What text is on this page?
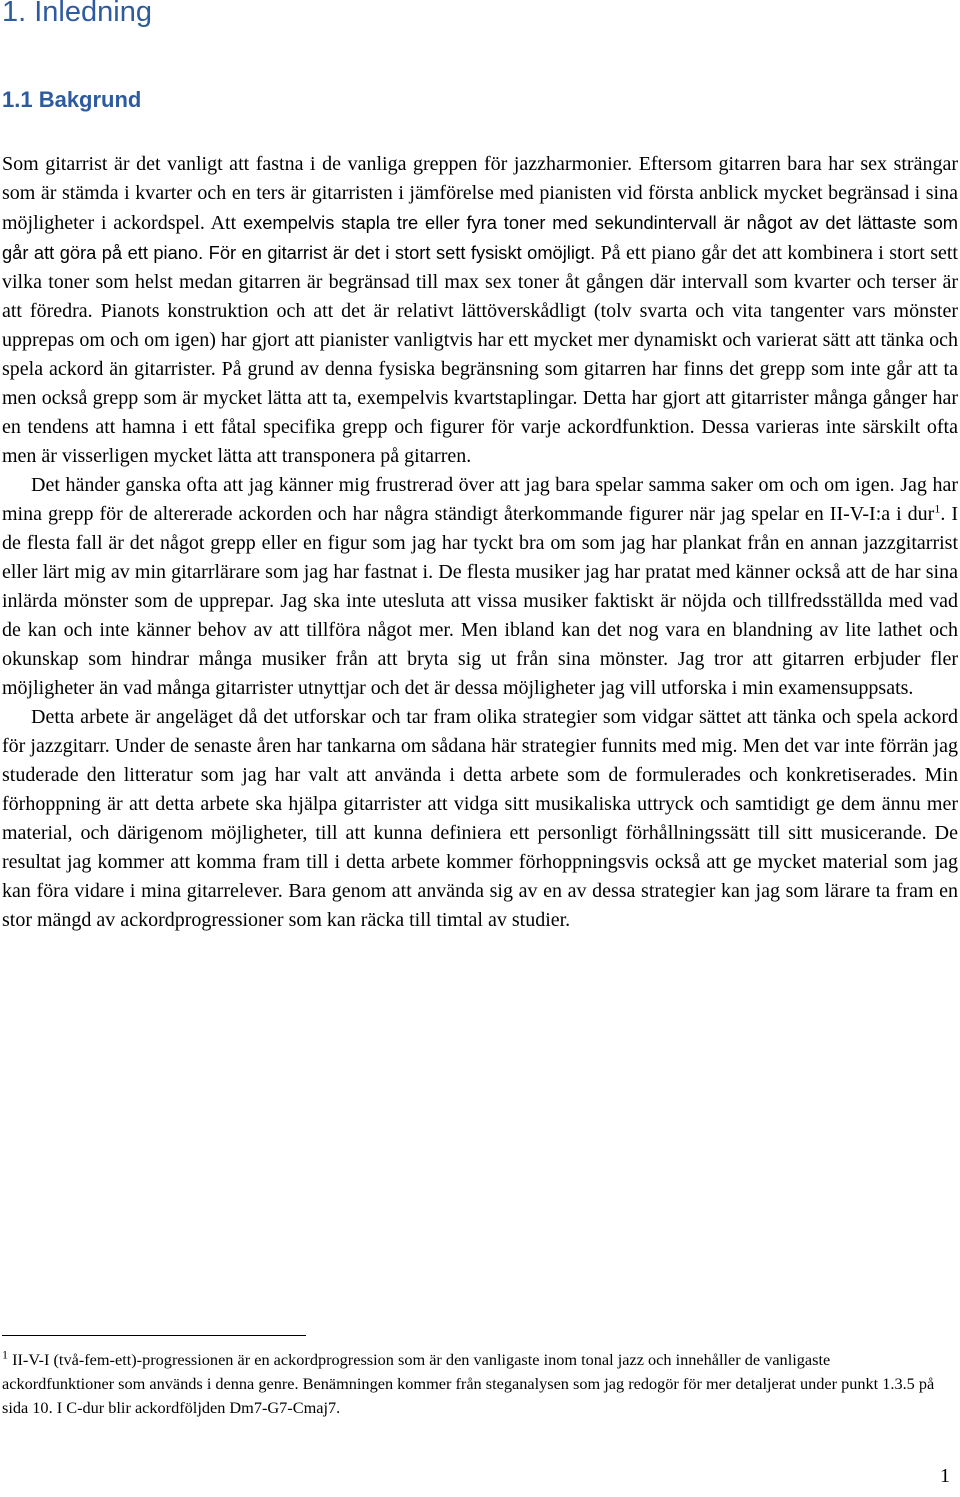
1. Inledning
1.1 Bakgrund

Som gitarrist är det vanligt att fastna i de vanliga greppen för jazzharmonier. Eftersom gitarren bara har sex strängar som är stämda i kvarter och en ters är gitarristen i jämförelse med pianisten vid första anblick mycket begränsad i sina möjligheter i ackordspel. Att exempelvis stapla tre eller fyra toner med sekundintervall är något av det lättaste som går att göra på ett piano. För en gitarrist är det i stort sett fysiskt omöjligt. På ett piano går det att kombinera i stort sett vilka toner som helst medan gitarren är begränsad till max sex toner åt gången där intervall som kvarter och terser är att föredra. Pianots konstruktion och att det är relativt lättöverskådligt (tolv svarta och vita tangenter vars mönster upprepas om och om igen) har gjort att pianister vanligtvis har ett mycket mer dynamiskt och varierat sätt att tänka och spela ackord än gitarrister. På grund av denna fysiska begränsning som gitarren har finns det grepp som inte går att ta men också grepp som är mycket lätta att ta, exempelvis kvartstaplingar. Detta har gjort att gitarrister många gånger har en tendens att hamna i ett fåtal specifika grepp och figurer för varje ackordfunktion. Dessa varieras inte särskilt ofta men är visserligen mycket lätta att transponera på gitarren.

Det händer ganska ofta att jag känner mig frustrerad över att jag bara spelar samma saker om och om igen. Jag har mina grepp för de altererade ackorden och har några ständigt återkommande figurer när jag spelar en II-V-I:a i dur$^1$. I de flesta fall är det något grepp eller en figur som jag har tyckt bra om som jag har plankat från en annan jazzgitarrist eller lärt mig av min gitarrlärare som jag har fastnat i. De flesta musiker jag har pratat med känner också att de har sina inlärda mönster som de upprepar. Jag ska inte utesluta att vissa musiker faktiskt är nöjda och tillfredsställda med vad de kan och inte känner behov av att tillföra något mer. Men ibland kan det nog vara en blandning av lite lathet och okunskap som hindrar många musiker från att bryta sig ut från sina mönster. Jag tror att gitarren erbjuder fler möjligheter än vad många gitarrister utnyttjar och det är dessa möjligheter jag vill utforska i min examensuppsats.

Detta arbete är angeläget då det utforskar och tar fram olika strategier som vidgar sättet att tänka och spela ackord för jazzgitarr. Under de senaste åren har tankarna om sådana här strategier funnits med mig. Men det var inte förrän jag studerade den litteratur som jag har valt att använda i detta arbete som de formulerades och konkretiserades. Min förhoppning är att detta arbete ska hjälpa gitarrister att vidga sitt musikaliska uttryck och samtidigt ge dem ännu mer material, och därigenom möjligheter, till att kunna definiera ett personligt förhållningssätt till sitt musicerande. De resultat jag kommer att komma fram till i detta arbete kommer förhoppningsvis också att ge mycket material som jag kan föra vidare i mina gitarrelever. Bara genom att använda sig av en av dessa strategier kan jag som lärare ta fram en stor mängd av ackordprogressioner som kan räcka till timtal av studier.

$^1$ II-V-I (två-fem-ett)-progressionen är en ackordprogression som är den vanligaste inom tonal jazz och innehåller de vanligaste ackordfunktioner som används i denna genre. Benämningen kommer från steganalysen som jag redogör för mer detaljerat under punkt 1.3.5 på sida 10. I C-dur blir ackordföljden Dm7-G7-Cmaj7.

1
